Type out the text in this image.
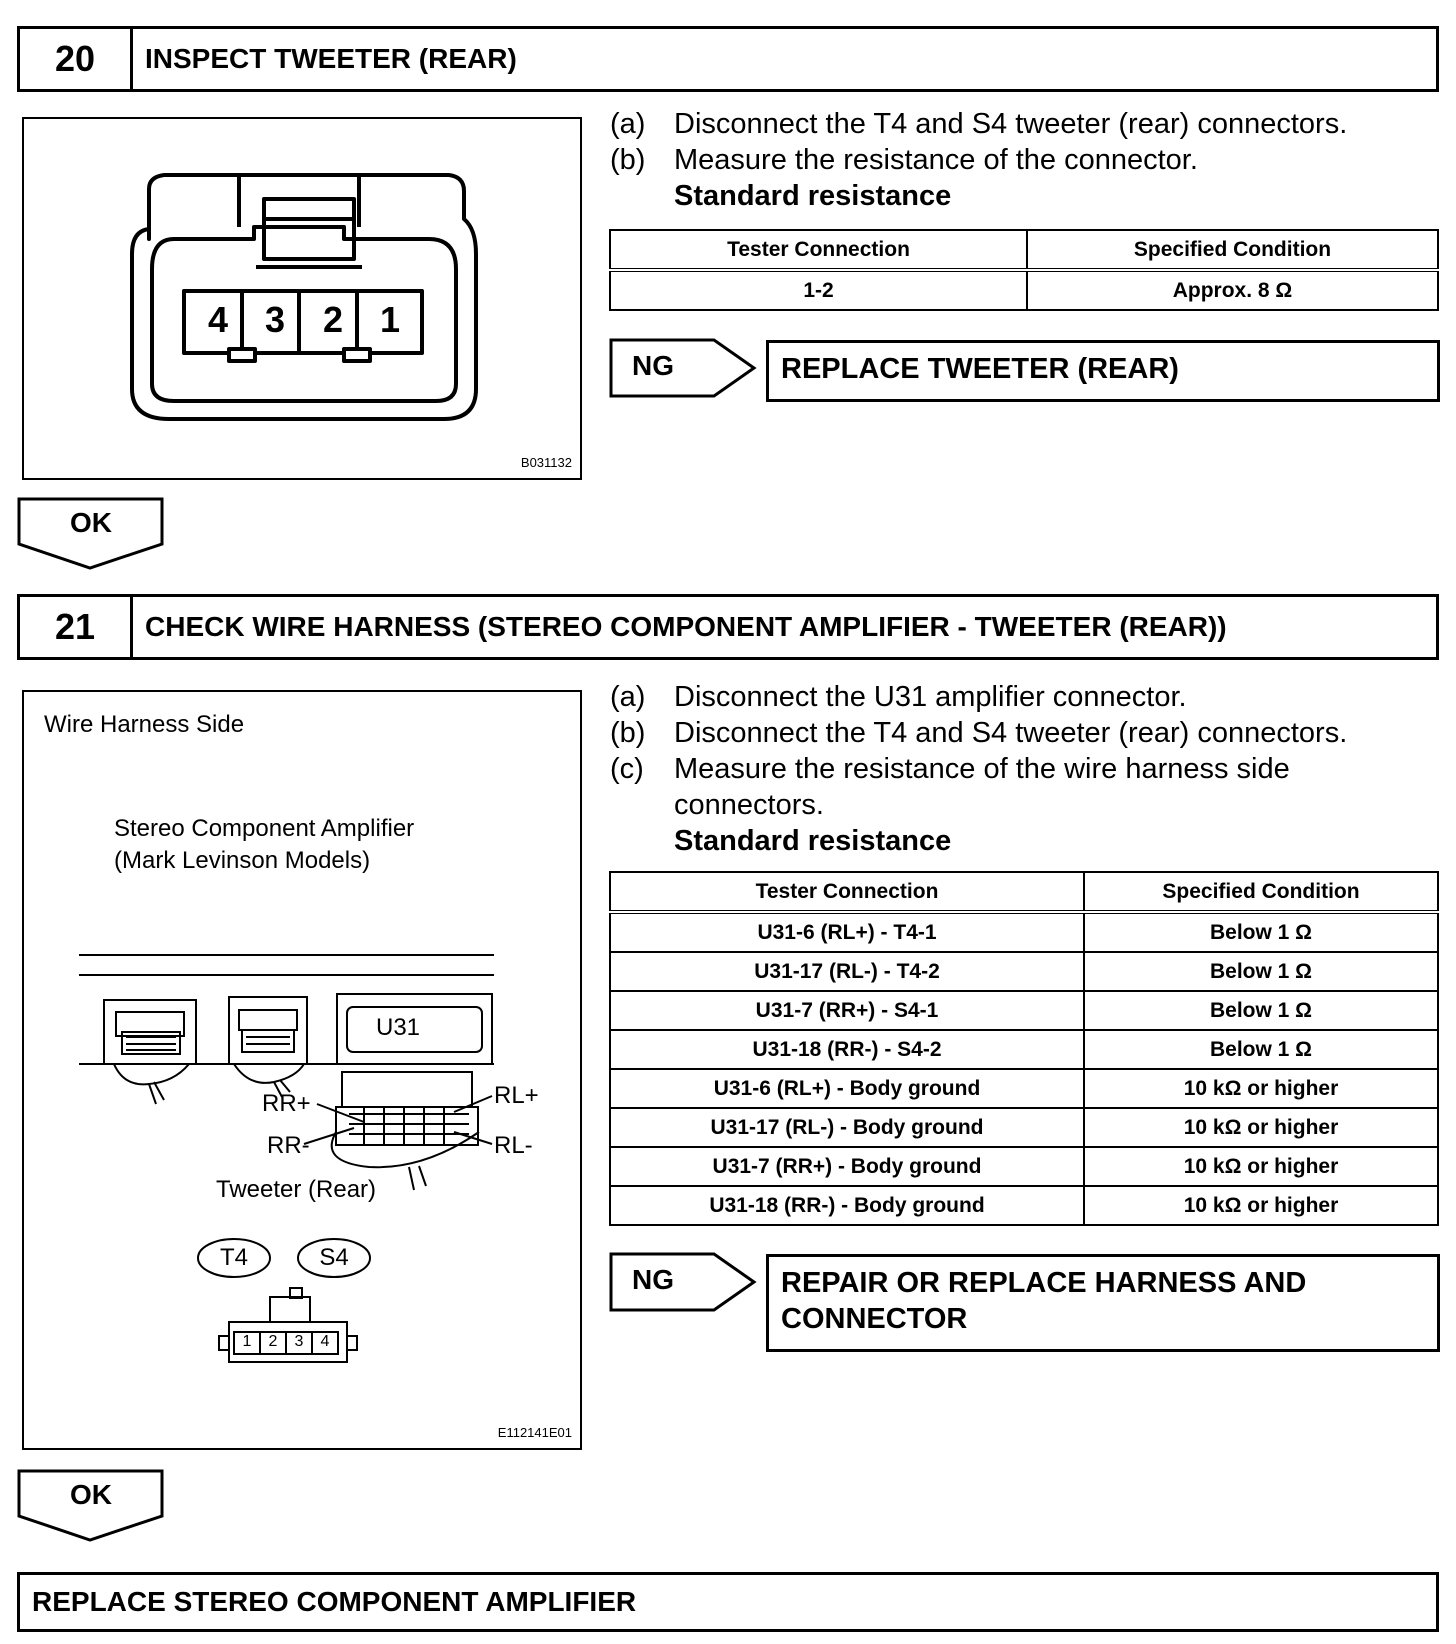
20	INSPECT TWEETER (REAR)
4	3	2	1
B031132
(a) Disconnect the T4 and S4 tweeter (rear) connectors.
(b) Measure the resistance of the connector.
Standard resistance
Tester Connection	Specified Condition
1-2	Approx. 8 Ω
NG	REPLACE TWEETER (REAR)
OK
21	CHECK WIRE HARNESS (STEREO COMPONENT AMPLIFIER - TWEETER (REAR))
Wire Harness Side
Stereo Component Amplifier
(Mark Levinson Models)
U31
RR+	RL+
RR-	RL-
Tweeter (Rear)
T4	S4
1	2	3	4
E112141E01
(a) Disconnect the U31 amplifier connector.
(b) Disconnect the T4 and S4 tweeter (rear) connectors.
(c)	Measure the resistance of the wire harness side connectors.
Standard resistance
Tester Connection	Specified Condition
U31-6 (RL+) - T4-1	Below 1 Ω
U31-17 (RL-) - T4-2	Below 1 Ω
U31-7 (RR+) - S4-1	Below 1 Ω
U31-18 (RR-) - S4-2	Below 1 Ω
U31-6 (RL+) - Body ground	10 kΩ or higher
U31-17 (RL-) - Body ground	10 kΩ or higher
U31-7 (RR+) - Body ground	10 kΩ or higher
U31-18 (RR-) - Body ground	10 kΩ or higher
NG	REPAIR OR REPLACE HARNESS AND CONNECTOR
OK
REPLACE STEREO COMPONENT AMPLIFIER
